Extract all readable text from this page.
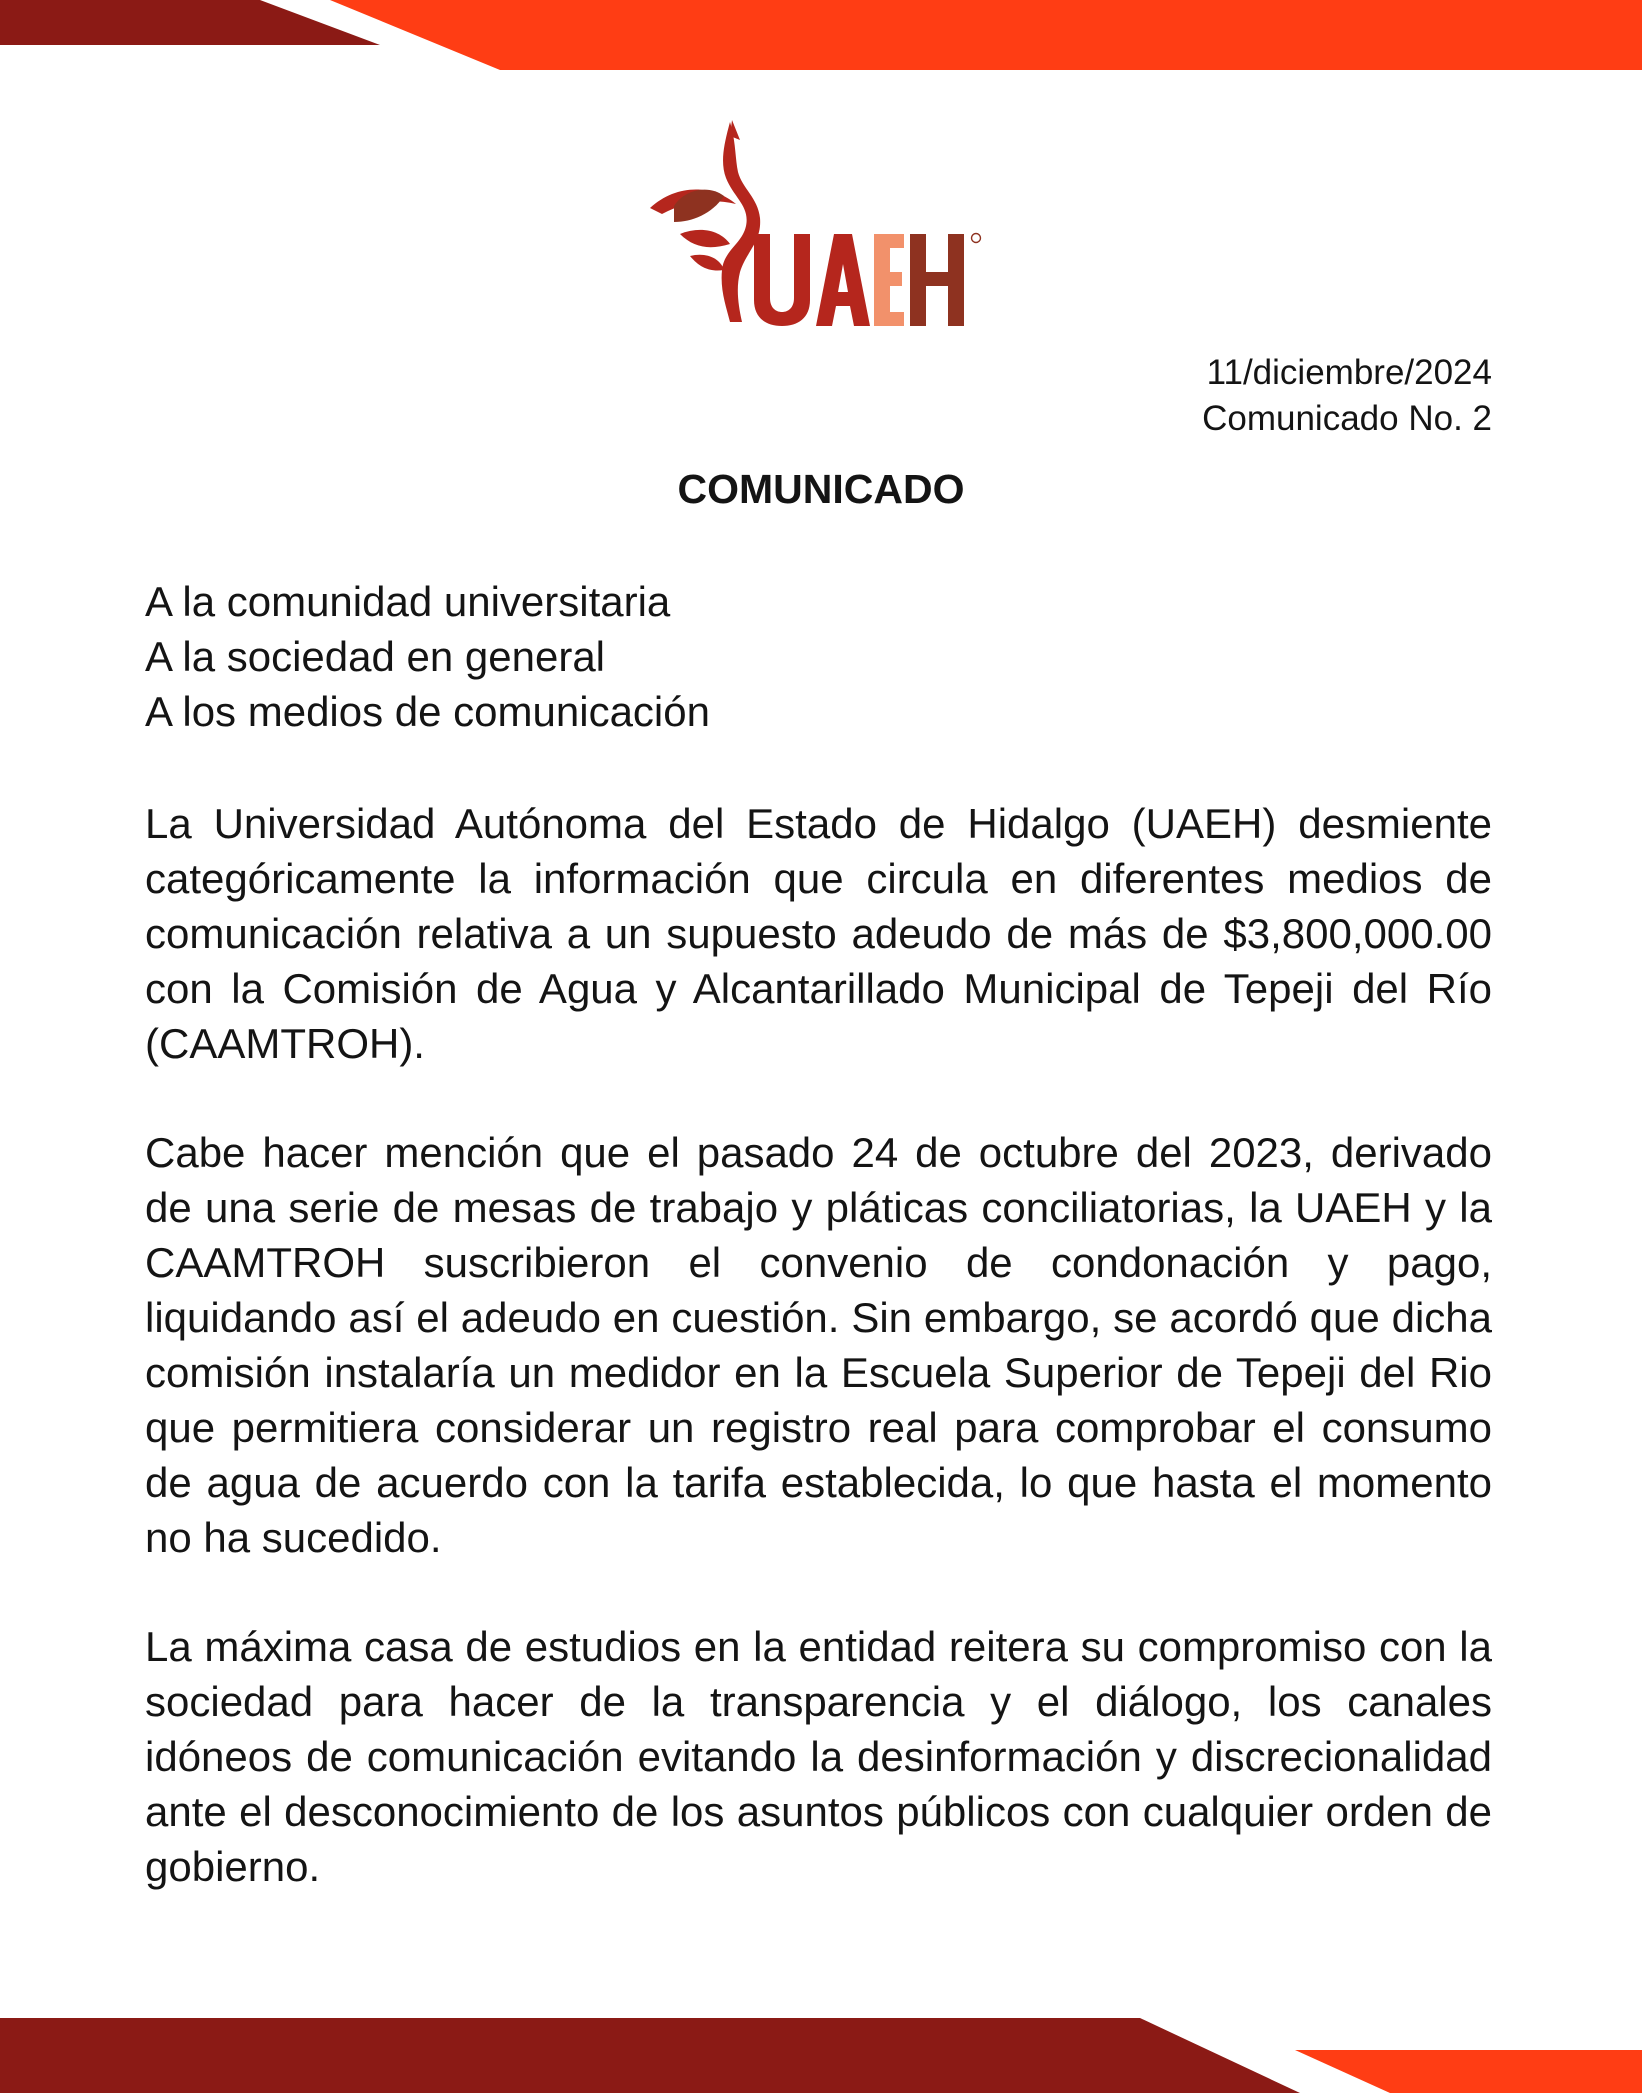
11/diciembre/2024
Comunicado No. 2
COMUNICADO
A la comunidad universitaria
A la sociedad en general
A los medios de comunicación

La Universidad Autónoma del Estado de Hidalgo (UAEH) desmiente categóricamente la información que circula en diferentes medios de comunicación relativa a un supuesto adeudo de más de $3,800,000.00 con la Comisión de Agua y Alcantarillado Municipal de Tepeji del Río (CAAMTROH).

Cabe hacer mención que el pasado 24 de octubre del 2023, derivado de una serie de mesas de trabajo y pláticas conciliatorias, la UAEH y la CAAMTROH suscribieron el convenio de condonación y pago, liquidando así el adeudo en cuestión. Sin embargo, se acordó que dicha comisión instalaría un medidor en la Escuela Superior de Tepeji del Rio que permitiera considerar un registro real para comprobar el consumo de agua de acuerdo con la tarifa establecida, lo que hasta el momento no ha sucedido.

La máxima casa de estudios en la entidad reitera su compromiso con la sociedad para hacer de la transparencia y el diálogo, los canales idóneos de comunicación evitando la desinformación y discrecionalidad ante el desconocimiento de los asuntos públicos con cualquier orden de gobierno.
